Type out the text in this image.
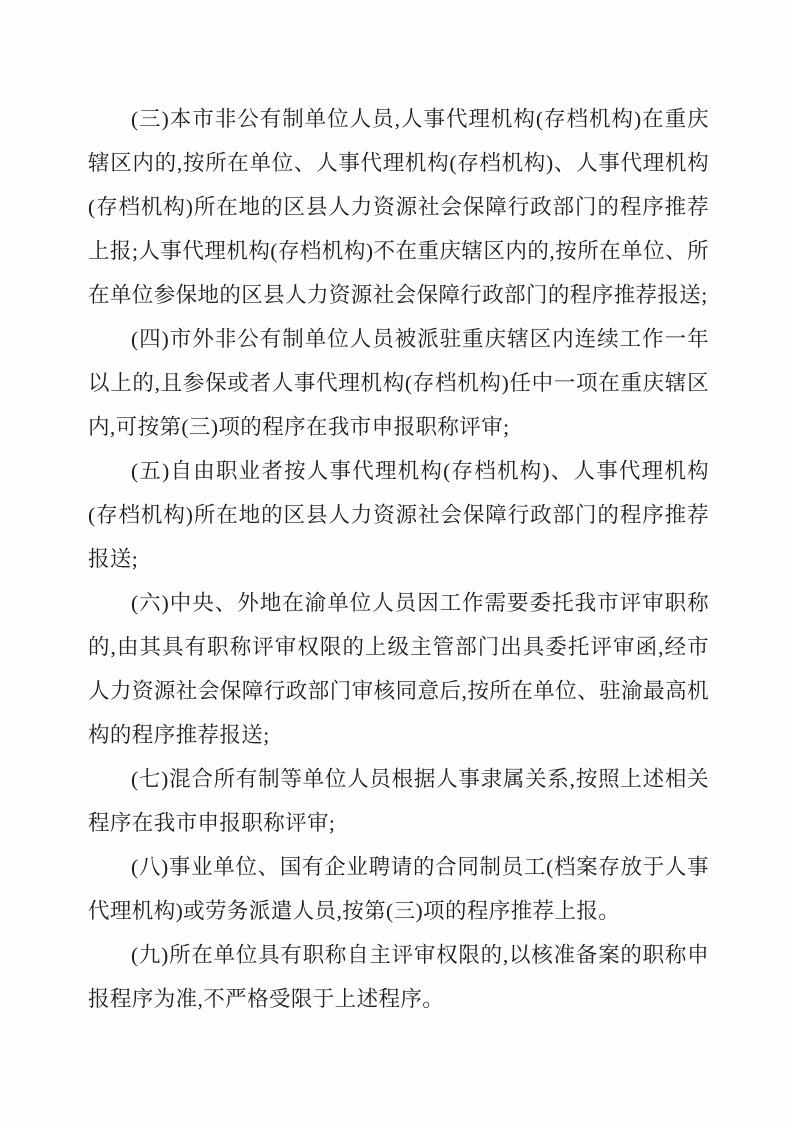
(三)本市非公有制单位人员,人事代理机构(存档机构)在重庆辖区内的,按所在单位、人事代理机构(存档机构)、人事代理机构(存档机构)所在地的区县人力资源社会保障行政部门的程序推荐上报;人事代理机构(存档机构)不在重庆辖区内的,按所在单位、所在单位参保地的区县人力资源社会保障行政部门的程序推荐报送;

(四)市外非公有制单位人员被派驻重庆辖区内连续工作一年以上的,且参保或者人事代理机构(存档机构)任中一项在重庆辖区内,可按第(三)项的程序在我市申报职称评审;

(五)自由职业者按人事代理机构(存档机构)、人事代理机构(存档机构)所在地的区县人力资源社会保障行政部门的程序推荐报送;

(六)中央、外地在渝单位人员因工作需要委托我市评审职称的,由其具有职称评审权限的上级主管部门出具委托评审函,经市人力资源社会保障行政部门审核同意后,按所在单位、驻渝最高机构的程序推荐报送;

(七)混合所有制等单位人员根据人事隶属关系,按照上述相关程序在我市申报职称评审;

(八)事业单位、国有企业聘请的合同制员工(档案存放于人事代理机构)或劳务派遣人员,按第(三)项的程序推荐上报。

(九)所在单位具有职称自主评审权限的,以核准备案的职称申报程序为准,不严格受限于上述程序。
